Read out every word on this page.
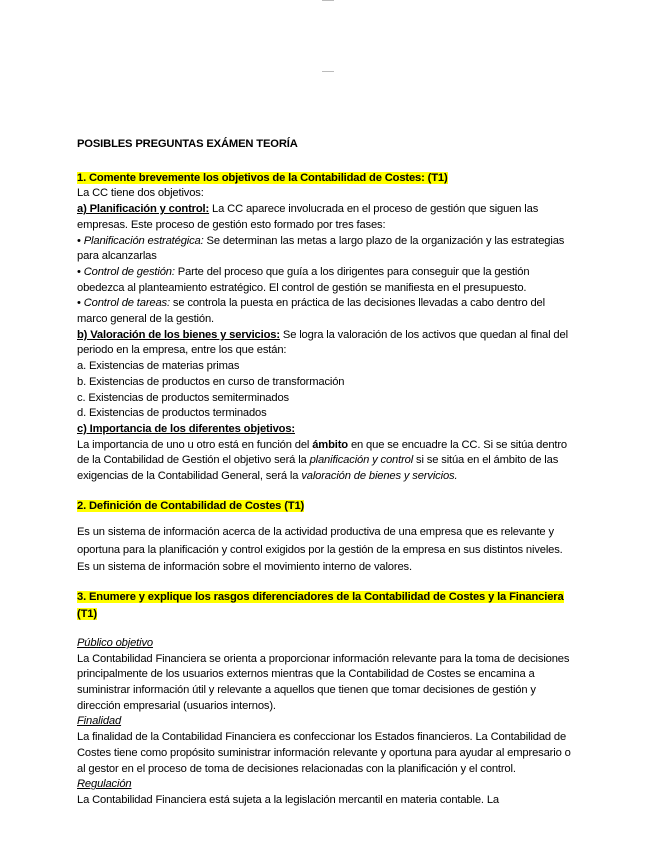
POSIBLES PREGUNTAS EXÁMEN TEORÍA

1. Comente brevemente los objetivos de la Contabilidad de Costes: (T1)

La CC tiene dos objetivos:

a) Planificación y control: La CC aparece involucrada en el proceso de gestión que siguen las empresas. Este proceso de gestión esto formado por tres fases:

• Planificación estratégica: Se determinan las metas a largo plazo de la organización y las estrategias para alcanzarlas

• Control de gestión: Parte del proceso que guía a los dirigentes para conseguir que la gestión obedezca al planteamiento estratégico. El control de gestión se manifiesta en el presupuesto.

• Control de tareas: se controla la puesta en práctica de las decisiones llevadas a cabo dentro del marco general de la gestión.

b) Valoración de los bienes y servicios: Se logra la valoración de los activos que quedan al final del periodo en la empresa, entre los que están:

a. Existencias de materias primas

b. Existencias de productos en curso de transformación

c. Existencias de productos semiterminados

d. Existencias de productos terminados

c) Importancia de los diferentes objetivos:

La importancia de uno u otro está en función del ámbito en que se encuadre la CC. Si se sitúa dentro de la Contabilidad de Gestión el objetivo será la planificación y control si se sitúa en el ámbito de las exigencias de la Contabilidad General, será la valoración de bienes y servicios.

2. Definición de Contabilidad de Costes (T1)

Es un sistema de información acerca de la actividad productiva de una empresa que es relevante y oportuna para la planificación y control exigidos por la gestión de la empresa en sus distintos niveles. Es un sistema de información sobre el movimiento interno de valores.

3. Enumere y explique los rasgos diferenciadores de la Contabilidad de Costes y la Financiera
(T1)

Público objetivo

La Contabilidad Financiera se orienta a proporcionar información relevante para la toma de decisiones principalmente de los usuarios externos mientras que la Contabilidad de Costes se encamina a suministrar información útil y relevante a aquellos que tienen que tomar decisiones de gestión y dirección empresarial (usuarios internos).

Finalidad

La finalidad de la Contabilidad Financiera es confeccionar los Estados financieros. La Contabilidad de Costes tiene como propósito suministrar información relevante y oportuna para ayudar al empresario o al gestor en el proceso de toma de decisiones relacionadas con la planificación y el control.

Regulación

La Contabilidad Financiera está sujeta a la legislación mercantil en materia contable. La
